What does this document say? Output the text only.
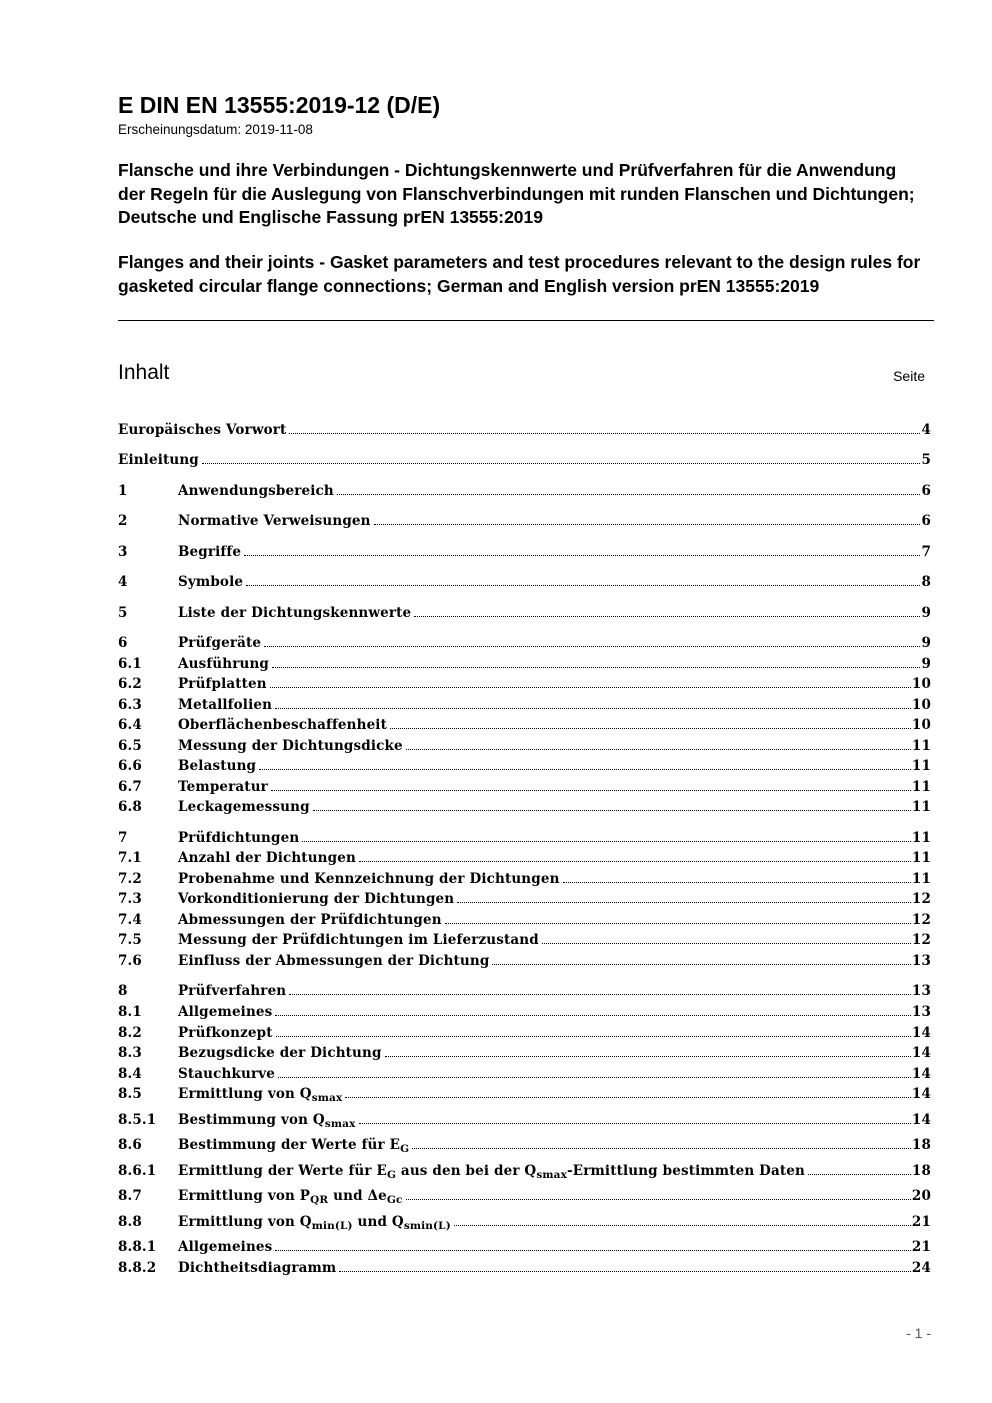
E DIN EN 13555:2019-12 (D/E)
Erscheinungsdatum: 2019-11-08
Flansche und ihre Verbindungen - Dichtungskennwerte und Prüfverfahren für die Anwendung der Regeln für die Auslegung von Flanschverbindungen mit runden Flanschen und Dichtungen; Deutsche und Englische Fassung prEN 13555:2019
Flanges and their joints - Gasket parameters and test procedures relevant to the design rules for gasketed circular flange connections; German and English version prEN 13555:2019
Inhalt	Seite
Europäisches Vorwort	4
Einleitung	5
1	Anwendungsbereich	6
2	Normative Verweisungen	6
3	Begriffe	7
4	Symbole	8
5	Liste der Dichtungskennwerte	9
6	Prüfgeräte	9
6.1	Ausführung	9
6.2	Prüfplatten	10
6.3	Metallfolien	10
6.4	Oberflächenbeschaffenheit	10
6.5	Messung der Dichtungsdicke	11
6.6	Belastung	11
6.7	Temperatur	11
6.8	Leckagemessung	11
7	Prüfdichtungen	11
7.1	Anzahl der Dichtungen	11
7.2	Probenahme und Kennzeichnung der Dichtungen	11
7.3	Vorkonditionierung der Dichtungen	12
7.4	Abmessungen der Prüfdichtungen	12
7.5	Messung der Prüfdichtungen im Lieferzustand	12
7.6	Einfluss der Abmessungen der Dichtung	13
8	Prüfverfahren	13
8.1	Allgemeines	13
8.2	Prüfkonzept	14
8.3	Bezugsdicke der Dichtung	14
8.4	Stauchkurve	14
8.5	Ermittlung von $Q_{smax}$	14
8.5.1	Bestimmung von $Q_{smax}$	14
8.6	Bestimmung der Werte für $E_G$	18
8.6.1	Ermittlung der Werte für $E_G$ aus den bei der $Q_{smax}$-Ermittlung bestimmten Daten	18
8.7	Ermittlung von $P_{QR}$ und $\Delta e_{Gc}$	20
8.8	Ermittlung von $Q_{min(L)}$ und $Q_{smin(L)}$	21
8.8.1	Allgemeines	21
8.8.2	Dichtheitsdiagramm	24
- 1 -
